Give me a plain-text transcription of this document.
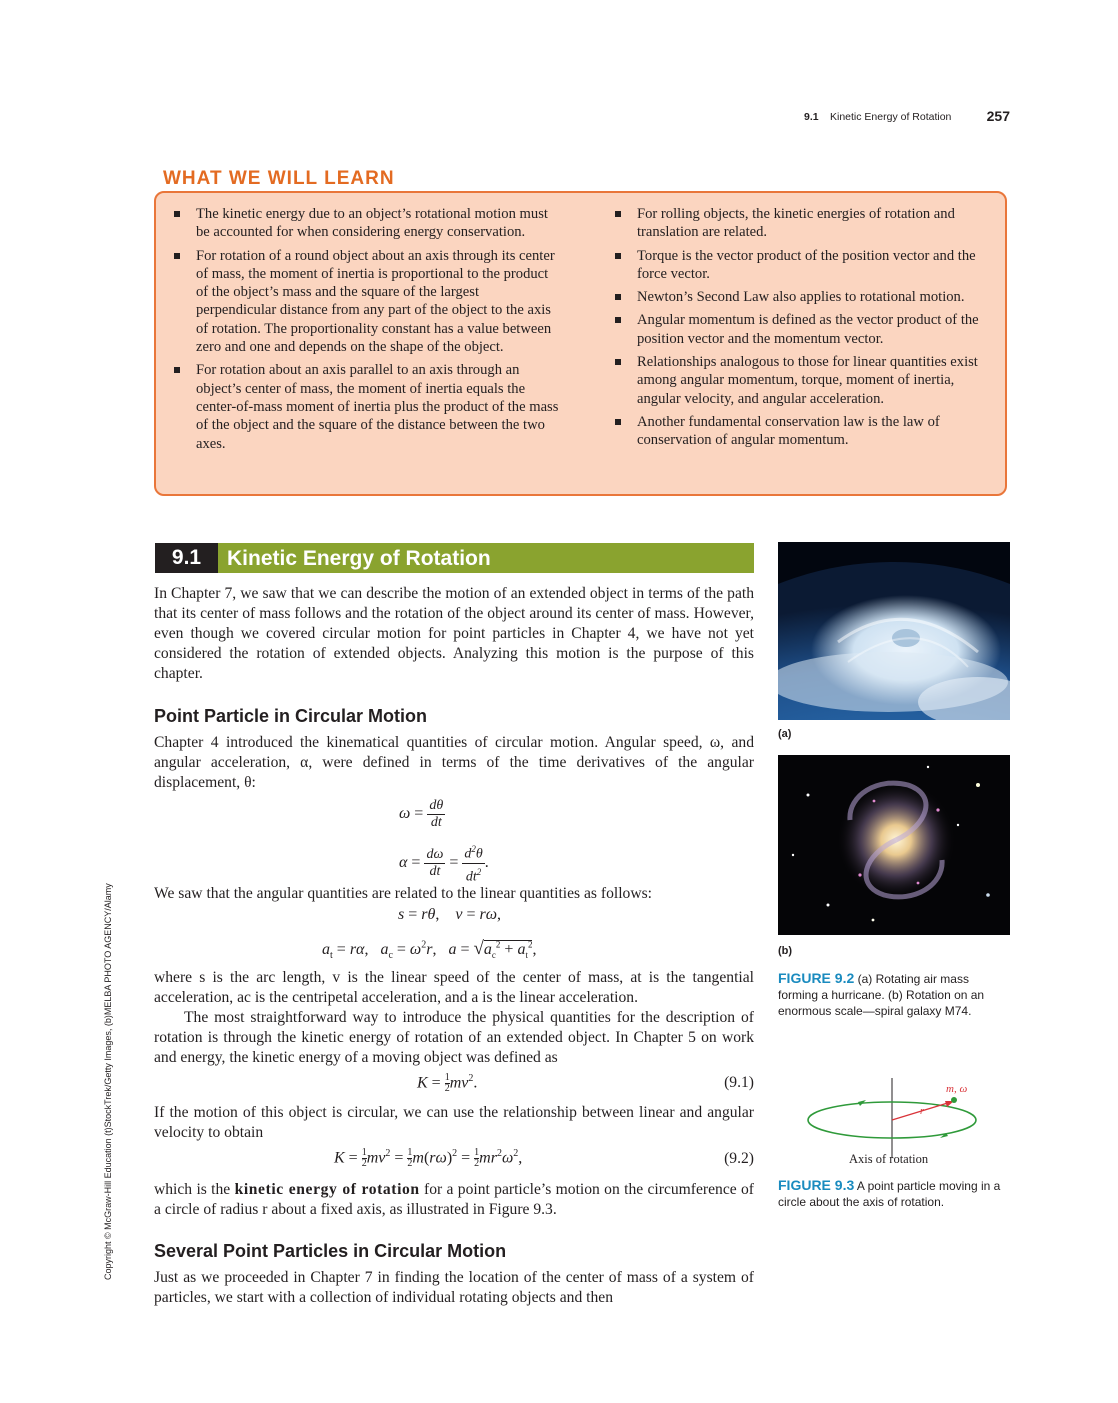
9.1 Kinetic Energy of Rotation	257
WHAT WE WILL LEARN
The kinetic energy due to an object’s rotational motion must be accounted for when considering energy conservation.
For rotation of a round object about an axis through its center of mass, the moment of inertia is proportional to the product of the object’s mass and the square of the largest perpendicular distance from any part of the object to the axis of rotation. The proportionality constant has a value between zero and one and depends on the shape of the object.
For rotation about an axis parallel to an axis through an object’s center of mass, the moment of inertia equals the center-of-mass moment of inertia plus the product of the mass of the object and the square of the distance between the two axes.
For rolling objects, the kinetic energies of rotation and translation are related.
Torque is the vector product of the position vector and the force vector.
Newton’s Second Law also applies to rotational motion.
Angular momentum is defined as the vector product of the position vector and the momentum vector.
Relationships analogous to those for linear quantities exist among angular momentum, torque, moment of inertia, angular velocity, and angular acceleration.
Another fundamental conservation law is the law of conservation of angular momentum.
9.1	Kinetic Energy of Rotation
In Chapter 7, we saw that we can describe the motion of an extended object in terms of the path that its center of mass follows and the rotation of the object around its center of mass. However, even though we covered circular motion for point particles in Chapter 4, we have not yet considered the rotation of extended objects. Analyzing this motion is the purpose of this chapter.
Point Particle in Circular Motion
Chapter 4 introduced the kinematical quantities of circular motion. Angular speed, ω, and angular acceleration, α, were defined in terms of the time derivatives of the angular displacement, θ:
$\omega = \frac{d\theta}{dt}$
$\alpha = \frac{d\omega}{dt} = \frac{d^2\theta}{dt^2}$ .
We saw that the angular quantities are related to the linear quantities as follows:
s = rθ,    v = rω,
$a_t = r\alpha$,   $a_c = \omega^2r$,   $a = √a_c^2 + a_t^2$,
where s is the arc length, v is the linear speed of the center of mass, at is the tangential acceleration, ac is the centripetal acceleration, and a is the linear acceleration.
The most straightforward way to introduce the physical quantities for the description of rotation is through the kinetic energy of rotation of an extended object. In Chapter 5 on work and energy, the kinetic energy of a moving object was defined as
$K = \frac{1}{2}mv^2$.	(9.1)
If the motion of this object is circular, we can use the relationship between linear and angular velocity to obtain
$K = \frac{1}{2}mv^2 = \frac{1}{2}m(r\omega)^2 = \frac{1}{2}mr^2\omega^2$,	(9.2)
which is the kinetic energy of rotation for a point particle’s motion on the circumference of a circle of radius r about a fixed axis, as illustrated in Figure 9.3.
Several Point Particles in Circular Motion
Just as we proceeded in Chapter 7 in finding the location of the center of mass of a system of particles, we start with a collection of individual rotating objects and then
(a)
(b)
FIGURE 9.2 (a) Rotating air mass forming a hurricane. (b) Rotation on an enormous scale—spiral galaxy M74.
m, ω
r
Axis of rotation
FIGURE 9.3 A point particle moving in a circle about the axis of rotation.
Copyright © McGraw-Hill Education (t)StockTrek/Getty Images, (b)MELBA PHOTO AGENCY/Alamy
